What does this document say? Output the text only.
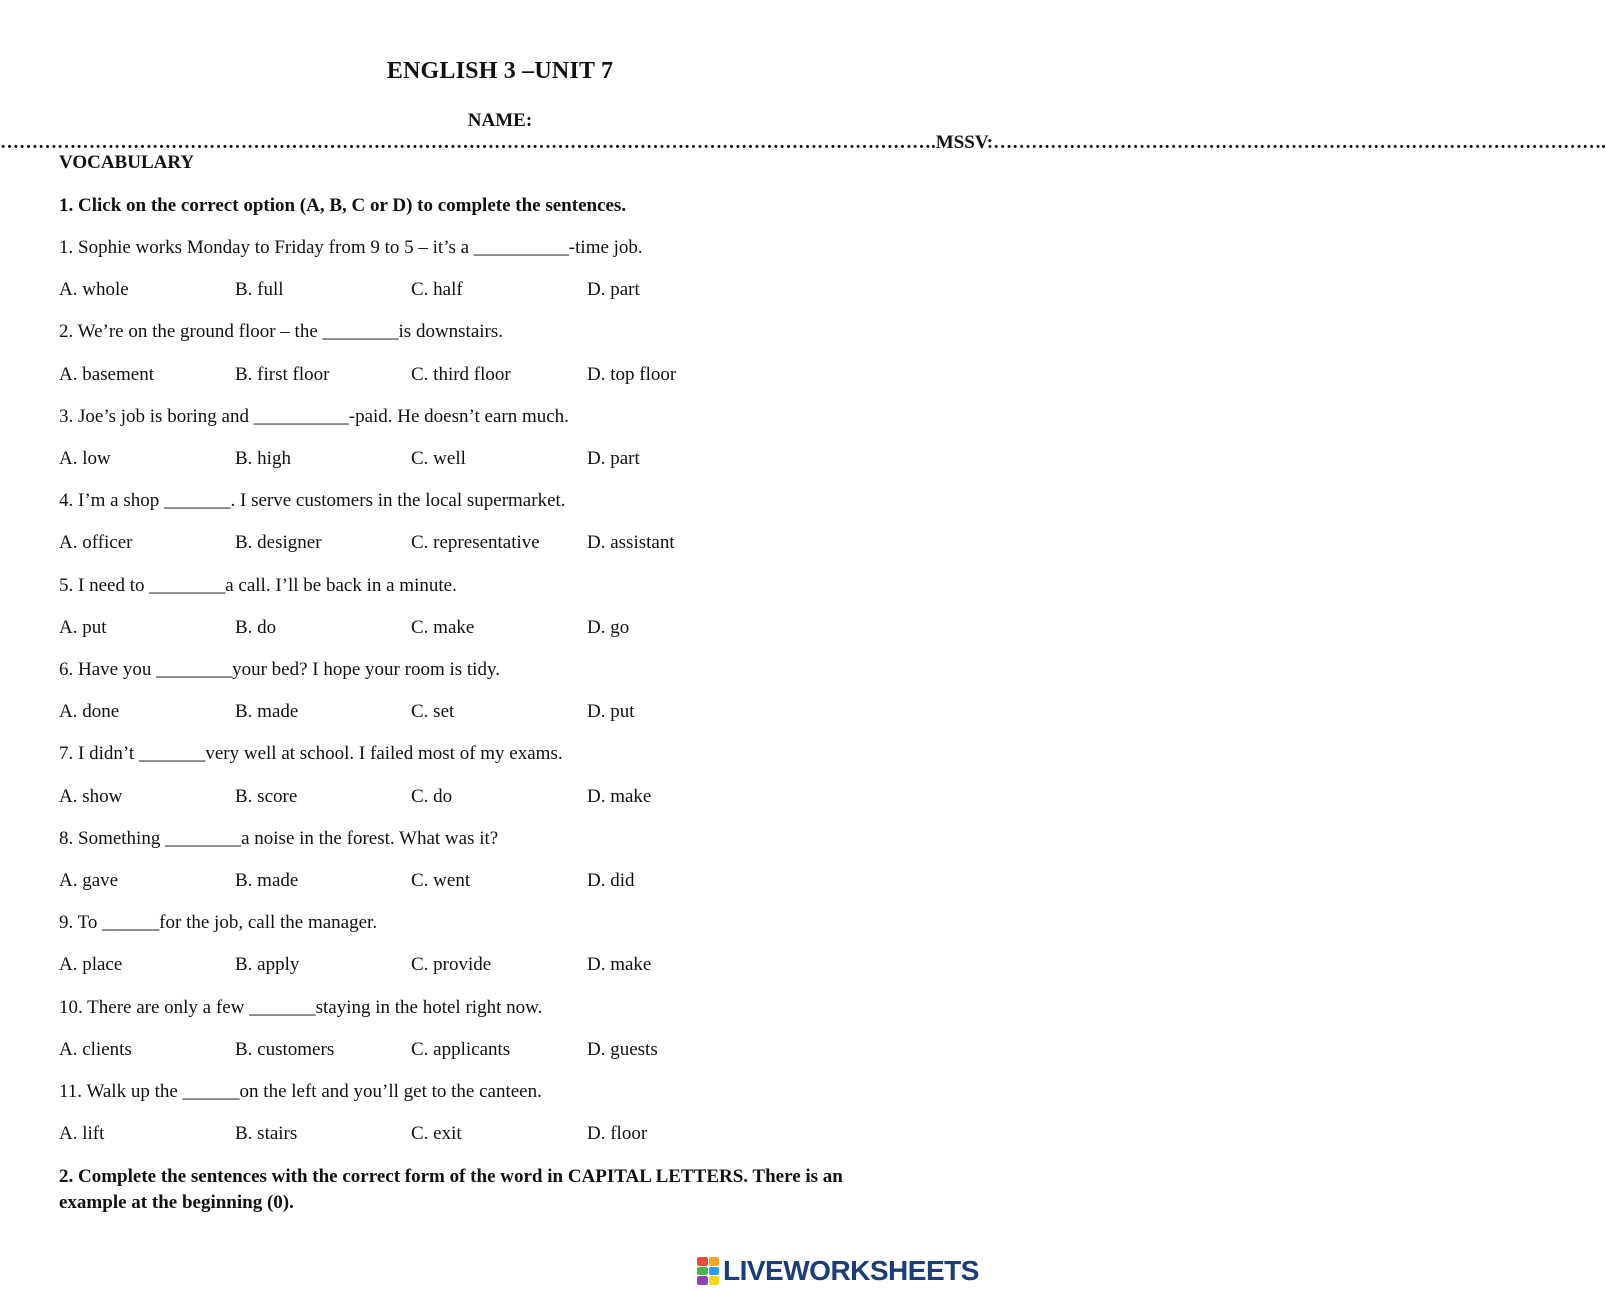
ENGLISH 3 –UNIT 7
NAME: ………………………………………………………………………………………………………………………………….MSSV:…………………………………………………………………………………….
VOCABULARY
1. Click on the correct option (A, B, C or D) to complete the sentences.
1. Sophie works Monday to Friday from 9 to 5 – it’s a __________-time job.
A. whole	B. full	C. half	D. part
2. We’re on the ground floor – the ________is downstairs.
A. basement	B. first floor	C. third floor	D. top floor
3. Joe’s job is boring and __________-paid. He doesn’t earn much.
A. low	B. high	C. well	D. part
4. I’m a shop _______. I serve customers in the local supermarket.
A. officer	B. designer	C. representative D. assistant
5. I need to ________a call. I’ll be back in a minute.
A. put	B. do	C. make	D. go
6. Have you ________your bed? I hope your room is tidy.
A. done	B. made	C. set	D. put
7. I didn’t _______very well at school. I failed most of my exams.
A. show	B. score	C. do	D. make
8. Something ________a noise in the forest. What was it?
A. gave	B. made	C. went	D. did
9. To ______for the job, call the manager.
A. place	B. apply	C. provide	D. make
10. There are only a few _______staying in the hotel right now.
A. clients	B. customers	C. applicants	D. guests
11. Walk up the ______on the left and you’ll get to the canteen.
A. lift	B. stairs	C. exit	D. floor
2. Complete the sentences with the correct form of the word in CAPITAL LETTERS. There is an example at the beginning (0).
LIVEWORKSHEETS
